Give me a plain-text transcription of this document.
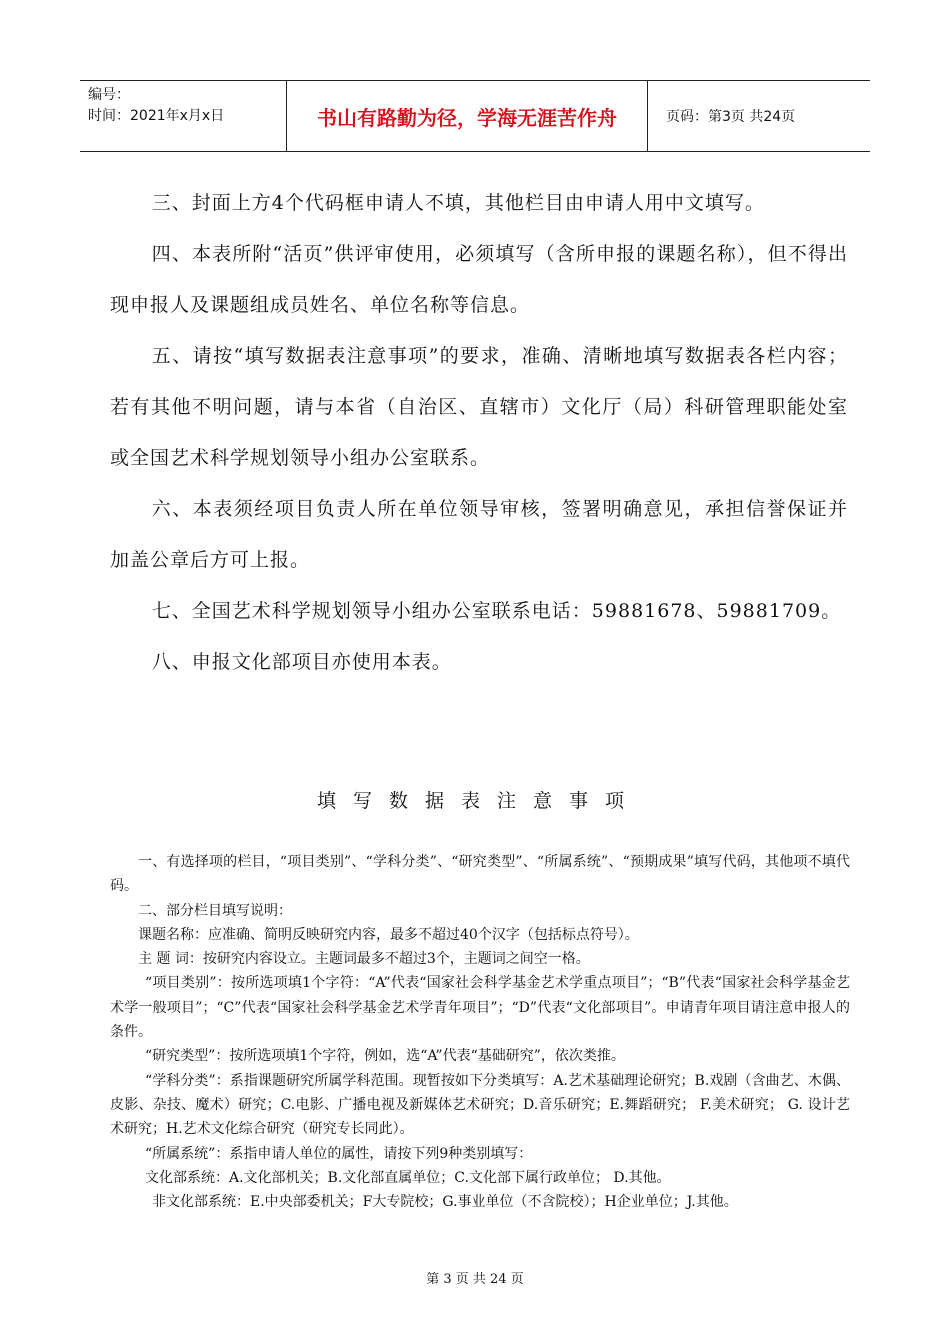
编号：
时间：2021年x月x日	书山有路勤为径，学海无涯苦作舟	页码：第3页 共24页

三、封面上方4个代码框申请人不填，其他栏目由申请人用中文填写。

四、本表所附“活页”供评审使用，必须填写（含所申报的课题名称），但不得出现申报人及课题组成员姓名、单位名称等信息。

五、请按“填写数据表注意事项”的要求，准确、清晰地填写数据表各栏内容；若有其他不明问题，请与本省（自治区、直辖市）文化厅（局）科研管理职能处室或全国艺术科学规划领导小组办公室联系。

六、本表须经项目负责人所在单位领导审核，签署明确意见，承担信誉保证并加盖公章后方可上报。

七、全国艺术科学规划领导小组办公室联系电话：59881678、59881709。

八、申报文化部项目亦使用本表。

填写数据表注意事项

一、有选择项的栏目，“项目类别”、“学科分类”、“研究类型”、“所属系统”、“预期成果”填写代码，其他项不填代码。

二、部分栏目填写说明：

课题名称：应准确、简明反映研究内容，最多不超过40个汉字（包括标点符号）。

主 题 词：按研究内容设立。主题词最多不超过3个，主题词之间空一格。

“项目类别”：按所选项填1个字符：“A”代表“国家社会科学基金艺术学重点项目”；“B”代表“国家社会科学基金艺术学一般项目”；“C”代表“国家社会科学基金艺术学青年项目”；“D”代表“文化部项目”。申请青年项目请注意申报人的条件。

“研究类型”：按所选项填1个字符，例如，选“A”代表“基础研究”，依次类推。

“学科分类”：系指课题研究所属学科范围。现暂按如下分类填写：A.艺术基础理论研究；B.戏剧（含曲艺、木偶、皮影、杂技、魔术）研究；C.电影、广播电视及新媒体艺术研究；D.音乐研究；E.舞蹈研究； F.美术研究； G. 设计艺术研究；H.艺术文化综合研究（研究专长同此）。

“所属系统”：系指申请人单位的属性，请按下列9种类别填写：

文化部系统：A.文化部机关；B.文化部直属单位；C.文化部下属行政单位； D.其他。

非文化部系统：E.中央部委机关；F大专院校；G.事业单位（不含院校）；H企业单位；J.其他。

第 3 页 共 24 页
